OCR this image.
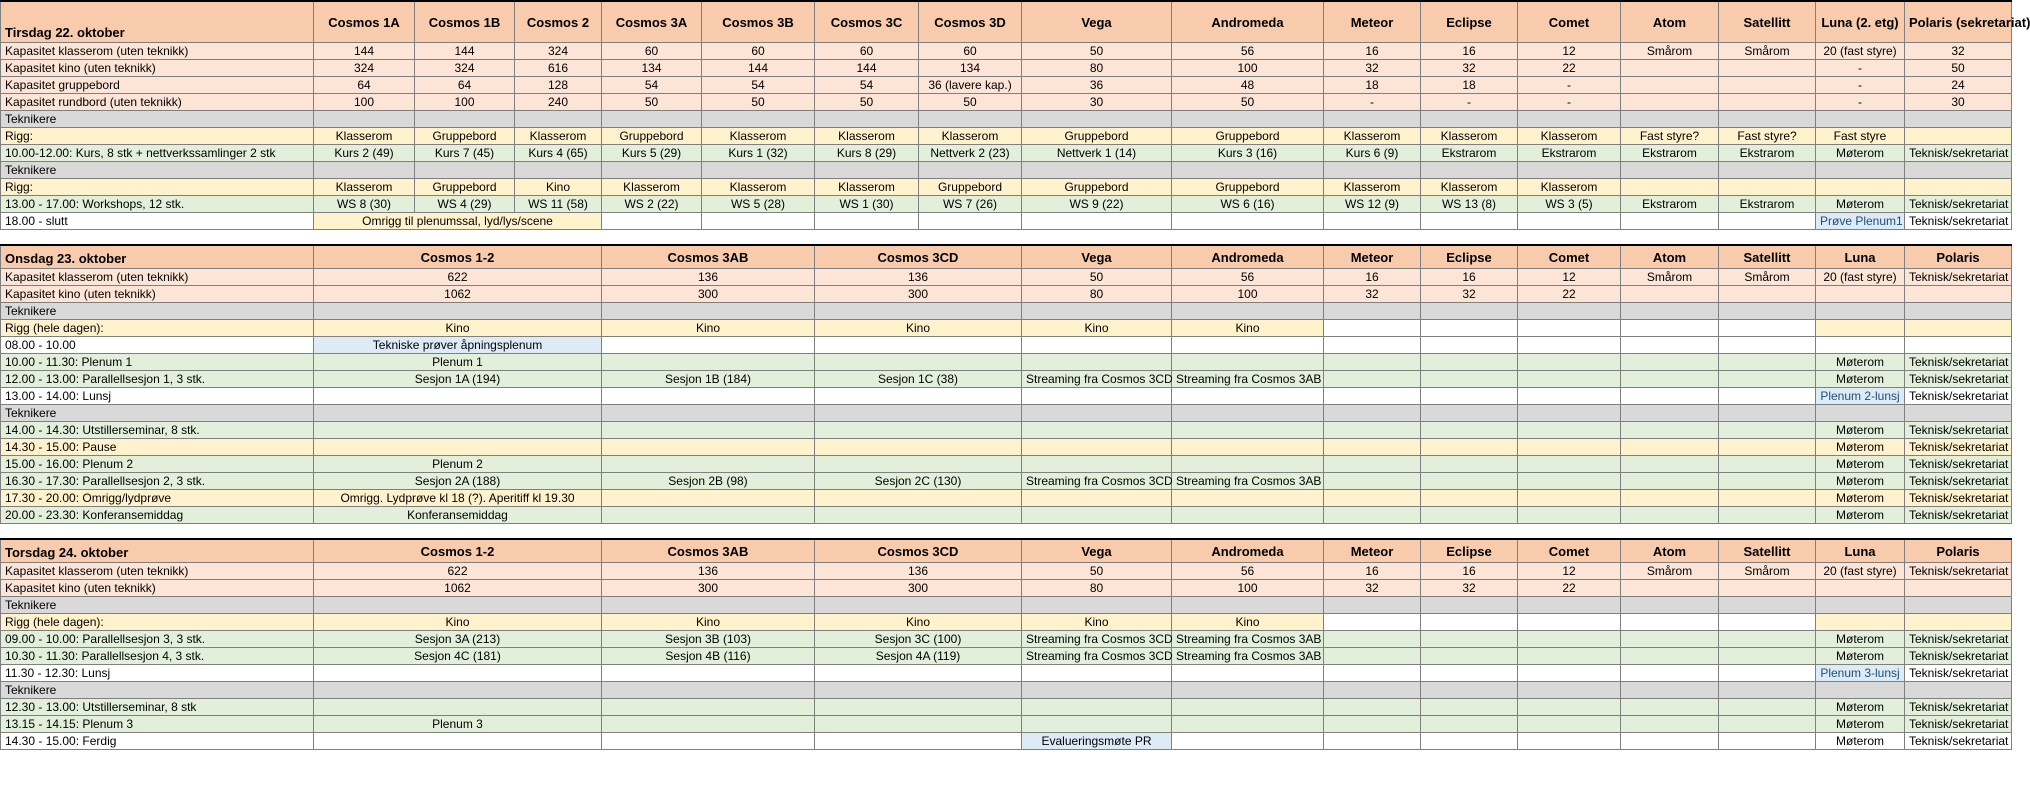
Tirsdag 22. oktober	Cosmos 1A	Cosmos 1B	Cosmos 2	Cosmos 3A	Cosmos 3B	Cosmos 3C	Cosmos 3D	Vega	Andromeda	Meteor	Eclipse	Comet	Atom	Satellitt	Luna (2. etg)	Polaris (sekretariat)
Kapasitet klasserom (uten teknikk)	144	144	324	60	60	60	60	50	56	16	16	12	Smårom	Smårom	20 (fast styre)	32
Kapasitet kino (uten teknikk)	324	324	616	134	144	144	134	80	100	32	32	22			-	50
Kapasitet gruppebord	64	64	128	54	54	54	36 (lavere kap.)	36	48	18	18	-			-	24
Kapasitet rundbord (uten teknikk)	100	100	240	50	50	50	50	30	50	-	-	-			-	30
Teknikere																
Rigg:	Klasserom	Gruppebord	Klasserom	Gruppebord	Klasserom	Klasserom	Klasserom	Gruppebord	Gruppebord	Klasserom	Klasserom	Klasserom	Fast styre?	Fast styre?	Fast styre	
10.00-12.00: Kurs, 8 stk + nettverkssamlinger 2 stk	Kurs 2 (49)	Kurs 7 (45)	Kurs 4 (65)	Kurs 5 (29)	Kurs 1 (32)	Kurs 8 (29)	Nettverk 2 (23)	Nettverk 1 (14)	Kurs 3 (16)	Kurs 6 (9)	Ekstrarom	Ekstrarom	Ekstrarom	Ekstrarom	Møterom	Teknisk/sekretariat
Teknikere																
Rigg:	Klasserom	Gruppebord	Kino	Klasserom	Klasserom	Klasserom	Gruppebord	Gruppebord	Gruppebord	Klasserom	Klasserom	Klasserom				
13.00 - 17.00: Workshops, 12 stk.	WS 8 (30)	WS 4 (29)	WS 11 (58)	WS 2 (22)	WS 5 (28)	WS 1 (30)	WS 7 (26)	WS 9 (22)	WS 6 (16)	WS 12 (9)	WS 13 (8)	WS 3 (5)	Ekstrarom	Ekstrarom	Møterom	Teknisk/sekretariat
18.00 - slutt	Omrigg til plenumssal, lyd/lys/scene														Prøve Plenum1	Teknisk/sekretariat

Onsdag 23. oktober	Cosmos 1-2			Cosmos 3AB		Cosmos 3CD		Vega	Andromeda	Meteor	Eclipse	Comet	Atom	Satellitt	Luna	Polaris
Kapasitet klasserom (uten teknikk)	622			136		136		50	56	16	16	12	Smårom	Smårom	20 (fast styre)	Teknisk/sekretariat
Kapasitet kino (uten teknikk)	1062			300		300		80	100	32	32	22				
Teknikere																
Rigg (hele dagen):	Kino			Kino		Kino		Kino	Kino							
08.00 - 10.00	Tekniske prøver åpningsplenum															
10.00 - 11.30: Plenum 1	Plenum 1														Møterom	Teknisk/sekretariat
12.00 - 13.00: Parallellsesjon 1, 3 stk.	Sesjon 1A (194)			Sesjon 1B (184)		Sesjon 1C (38)		Streaming fra Cosmos 3CD	Streaming fra Cosmos 3AB						Møterom	Teknisk/sekretariat
13.00 - 14.00: Lunsj															Plenum 2-lunsj	Teknisk/sekretariat
Teknikere																
14.00 - 14.30: Utstillerseminar, 8 stk.															Møterom	Teknisk/sekretariat
14.30 - 15.00: Pause															Møterom	Teknisk/sekretariat
15.00 - 16.00: Plenum 2	Plenum 2														Møterom	Teknisk/sekretariat
16.30 - 17.30: Parallellsesjon 2, 3 stk.	Sesjon 2A (188)			Sesjon 2B (98)		Sesjon 2C (130)		Streaming fra Cosmos 3CD	Streaming fra Cosmos 3AB						Møterom	Teknisk/sekretariat
17.30 - 20.00: Omrigg/lydprøve	Omrigg. Lydprøve kl 18 (?). Aperitiff kl 19.30														Møterom	Teknisk/sekretariat
20.00 - 23.30: Konferansemiddag	Konferansemiddag														Møterom	Teknisk/sekretariat

Torsdag 24. oktober	Cosmos 1-2			Cosmos 3AB		Cosmos 3CD		Vega	Andromeda	Meteor	Eclipse	Comet	Atom	Satellitt	Luna	Polaris
Kapasitet klasserom (uten teknikk)	622			136		136		50	56	16	16	12	Smårom	Smårom	20 (fast styre)	Teknisk/sekretariat
Kapasitet kino (uten teknikk)	1062			300		300		80	100	32	32	22				
Teknikere																
Rigg (hele dagen):	Kino			Kino		Kino		Kino	Kino							
09.00 - 10.00: Parallellsesjon 3, 3 stk.	Sesjon 3A (213)			Sesjon 3B (103)		Sesjon 3C (100)		Streaming fra Cosmos 3CD	Streaming fra Cosmos 3AB						Møterom	Teknisk/sekretariat
10.30 - 11.30: Parallellsesjon 4, 3 stk.	Sesjon 4C (181)			Sesjon 4B (116)		Sesjon 4A (119)		Streaming fra Cosmos 3CD	Streaming fra Cosmos 3AB						Møterom	Teknisk/sekretariat
11.30 - 12.30: Lunsj															Plenum 3-lunsj	Teknisk/sekretariat
Teknikere																
12.30 - 13.00: Utstillerseminar, 8 stk															Møterom	Teknisk/sekretariat
13.15 - 14.15: Plenum 3	Plenum 3														Møterom	Teknisk/sekretariat
14.30 - 15.00: Ferdig								Evalueringsmøte PR							Møterom	Teknisk/sekretariat
